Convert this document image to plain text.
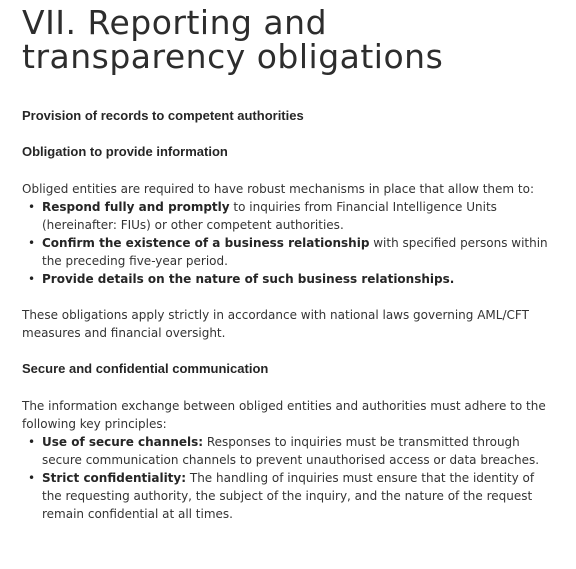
VII. Reporting and
transparency obligations
Provision of records to competent authorities
Obligation to provide information

Obliged entities are required to have robust mechanisms in place that allow them to:

• Respond fully and promptly to inquiries from Financial Intelligence Units (hereinafter: FIUs) or other competent authorities.
• Confirm the existence of a business relationship with specified persons within the preceding five-year period.
• Provide details on the nature of such business relationships.

These obligations apply strictly in accordance with national laws governing AML/CFT measures and financial oversight.

Secure and confidential communication

The information exchange between obliged entities and authorities must adhere to the following key principles:

• Use of secure channels: Responses to inquiries must be transmitted through secure communication channels to prevent unauthorised access or data breaches.
• Strict confidentiality: The handling of inquiries must ensure that the identity of the requesting authority, the subject of the inquiry, and the nature of the request remain confidential at all times.
